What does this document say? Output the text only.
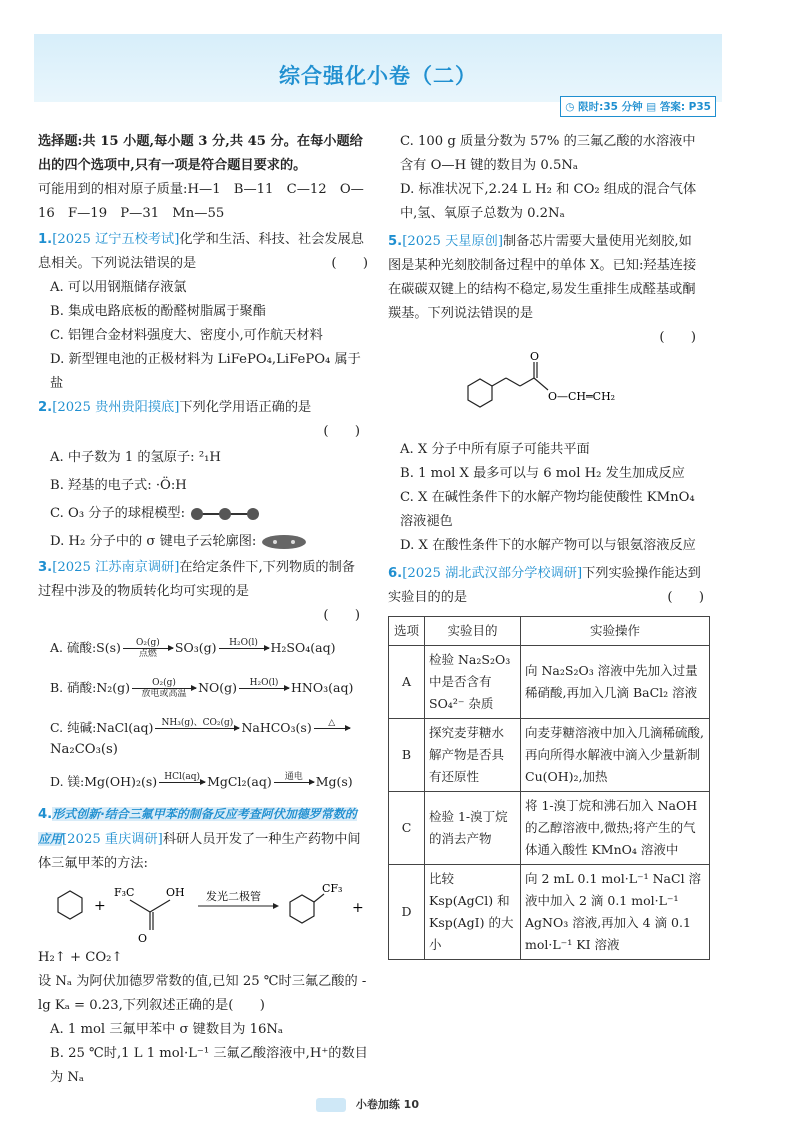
综合强化小卷（二）
◷ 限时:35 分钟 ▤ 答案: P35

选择题:共 15 小题,每小题 3 分,共 45 分。在每小题给出的四个选项中,只有一项是符合题目要求的。

可能用到的相对原子质量:H—1　B—11　C—12　O—16　F—19　P—31　Mn—55

1.[2025 辽宁五校考试]化学和生活、科技、社会发展息息相关。下列说法错误的是	(　　)

A. 可以用钢瓶储存液氯

B. 集成电路底板的酚醛树脂属于聚酯

C. 铝锂合金材料强度大、密度小,可作航天材料

D. 新型锂电池的正极材料为 LiFePO₄,LiFePO₄ 属于盐

2.[2025 贵州贵阳摸底]下列化学用语正确的是

(　　)

A. 中子数为 1 的氢原子: ²₁H

B. 羟基的电子式: ·Ö:H

C. O₃ 分子的球棍模型:

D. H₂ 分子中的 σ 键电子云轮廓图:

3.[2025 江苏南京调研]在给定条件下,下列物质的制备过程中涉及的物质转化均可实现的是

(　　)

A. 硫酸:S(s)	O₂(g)
点燃	SO₃(g)	H₂O(l)
	H₂SO₄(aq)

B. 硝酸:N₂(g)	O₂(g)
放电或高温 NO(g)	H₂O(l)
	HNO₃(aq)

C. 纯碱:NaCl(aq) NH₃(g)、CO₂(g)
NaHCO₃(s)	△

Na₂CO₃(s)

D. 镁:Mg(OH)₂(s) HCl(aq)
MgCl₂(aq)	通电
	Mg(s)

4.形式创新·结合三氟甲苯的制备反应考查阿伏加德罗常数的应用[2025 重庆调研]科研人员开发了一种生产药物中间体三氟甲苯的方法:

+
O
F₃C	OH 发光二极管
CF₃
+

H₂↑ + CO₂↑

设 Nₐ 为阿伏加德罗常数的值,已知 25 ℃时三氟乙酸的 -lg Kₐ = 0.23,下列叙述正确的是(　　)

A. 1 mol 三氟甲苯中 σ 键数目为 16Nₐ

B. 25 ℃时,1 L 1 mol·L⁻¹ 三氟乙酸溶液中,H⁺的数目为 Nₐ

C. 100 g 质量分数为 57% 的三氟乙酸的水溶液中含有 O—H 键的数目为 0.5Nₐ

D. 标准状况下,2.24 L H₂ 和 CO₂ 组成的混合气体中,氢、氧原子总数为 0.2Nₐ

5.[2025 天星原创]制备芯片需要大量使用光刻胶,如图是某种光刻胶制备过程中的单体 X。已知:羟基连接在碳碳双键上的结构不稳定,易发生重排生成醛基或酮羰基。下列说法错误的是

(　　)

O
O—CH═CH₂

A. X 分子中所有原子可能共平面

B. 1 mol X 最多可以与 6 mol H₂ 发生加成反应

C. X 在碱性条件下的水解产物均能使酸性 KMnO₄ 溶液褪色

D. X 在酸性条件下的水解产物可以与银氨溶液反应

6.[2025 湖北武汉部分学校调研]下列实验操作能达到实验目的的是	(　　)

选项	实验目的	实验操作
A	检验 Na₂S₂O₃ 中是否含有 SO₄²⁻ 杂质	向 Na₂S₂O₃ 溶液中先加入过量稀硝酸,再加入几滴 BaCl₂ 溶液
B	探究麦芽糖水解产物是否具有还原性	向麦芽糖溶液中加入几滴稀硫酸,再向所得水解液中滴入少量新制 Cu(OH)₂,加热
C	检验 1-溴丁烷的消去产物	将 1-溴丁烷和沸石加入 NaOH 的乙醇溶液中,微热;将产生的气体通入酸性 KMnO₄ 溶液中
D	比较 Ksp(AgCl) 和 Ksp(AgI) 的大小	向 2 mL 0.1 mol·L⁻¹ NaCl 溶液中加入 2 滴 0.1 mol·L⁻¹ AgNO₃ 溶液,再加入 4 滴 0.1 mol·L⁻¹ KI 溶液
小卷加练 10
